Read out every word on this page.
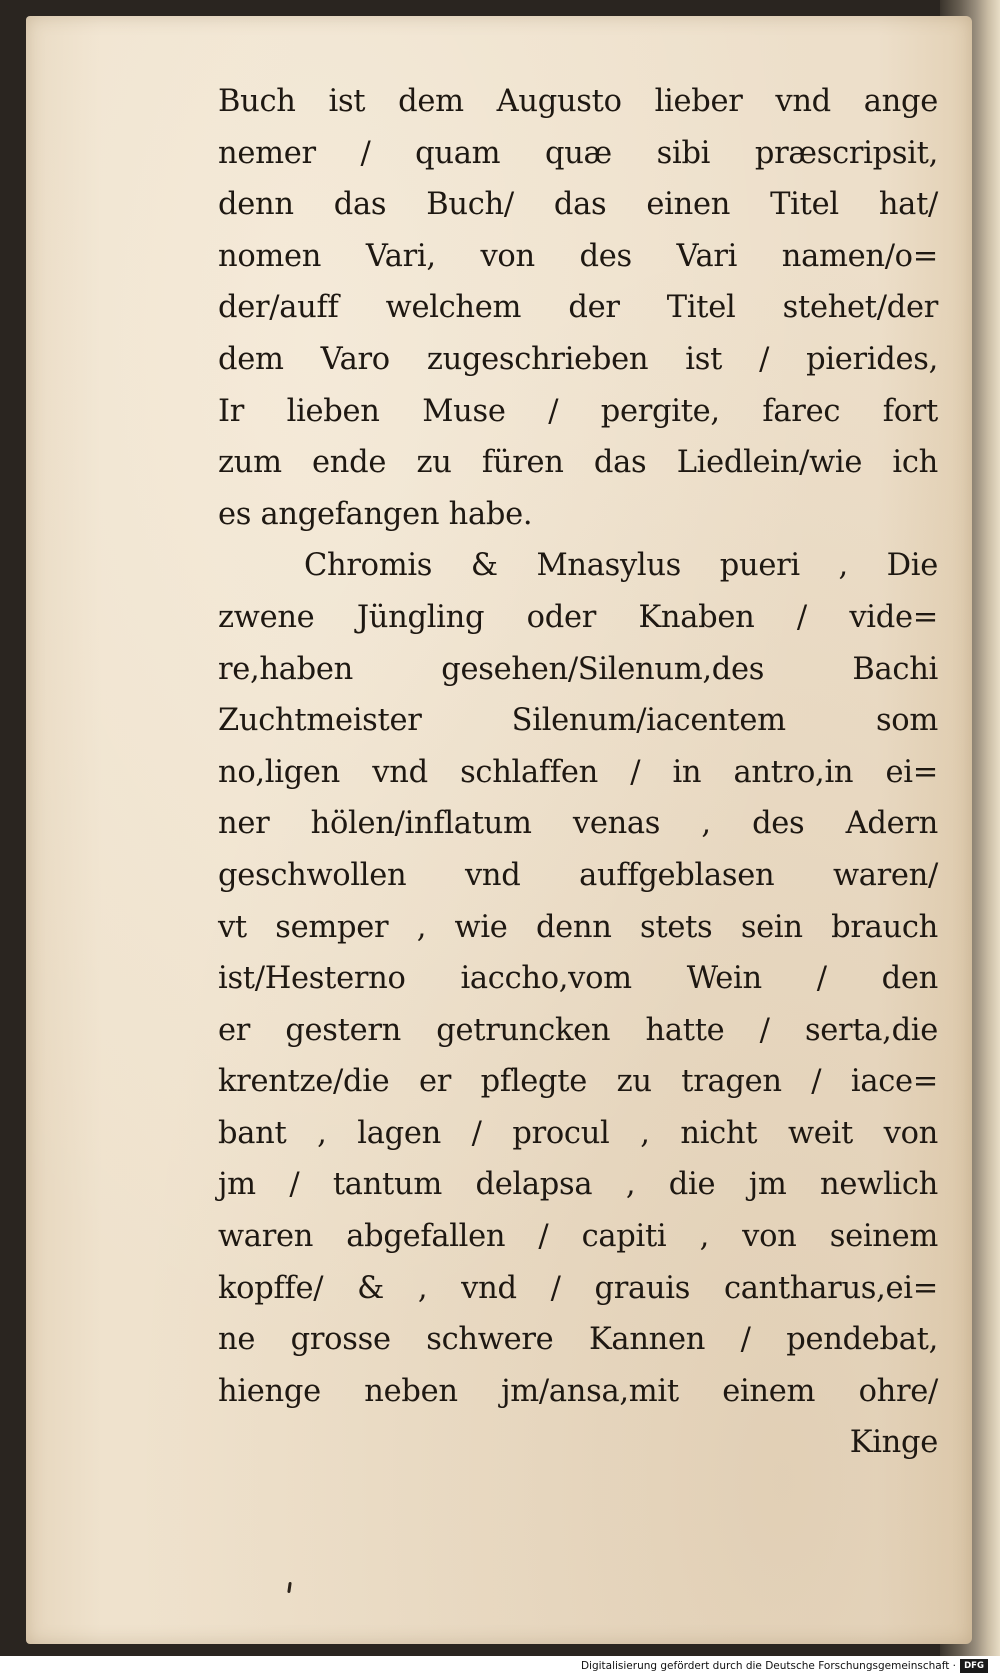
Buch ist dem Augusto lieber vnd ange
nemer / quam quæ sibi præscripsit,
denn das Buch/ das einen Titel hat/
nomen Vari, von des Vari namen/o=
der/auff welchem der Titel stehet/der
dem Varo zugeschrieben ist / pierides,
Ir lieben Muse / pergite, farec fort
zum ende zu füren das Liedlein/wie ich
es angefangen habe.
Chromis & Mnasylus pueri , Die
zwene Jüngling oder Knaben / vide=
re,haben gesehen/Silenum,des Bachi
Zuchtmeister Silenum/iacentem som
no,ligen vnd schlaffen / in antro,in ei=
ner hölen/inflatum venas , des Adern
geschwollen vnd auffgeblasen waren/
vt semper , wie denn stets sein brauch
ist/Hesterno iaccho,vom Wein / den
er gestern getruncken hatte / serta,die
krentze/die er pflegte zu tragen / iace=
bant , lagen / procul , nicht weit von
jm / tantum delapsa , die jm newlich
waren abgefallen / capiti , von seinem
kopffe/ & , vnd / grauis cantharus,ei=
ne grosse schwere Kannen / pendebat,
hienge neben jm/ansa,mit einem ohre/
Kinge
Digitalisierung gefördert durch die Deutsche Forschungsgemeinschaft · DFG
